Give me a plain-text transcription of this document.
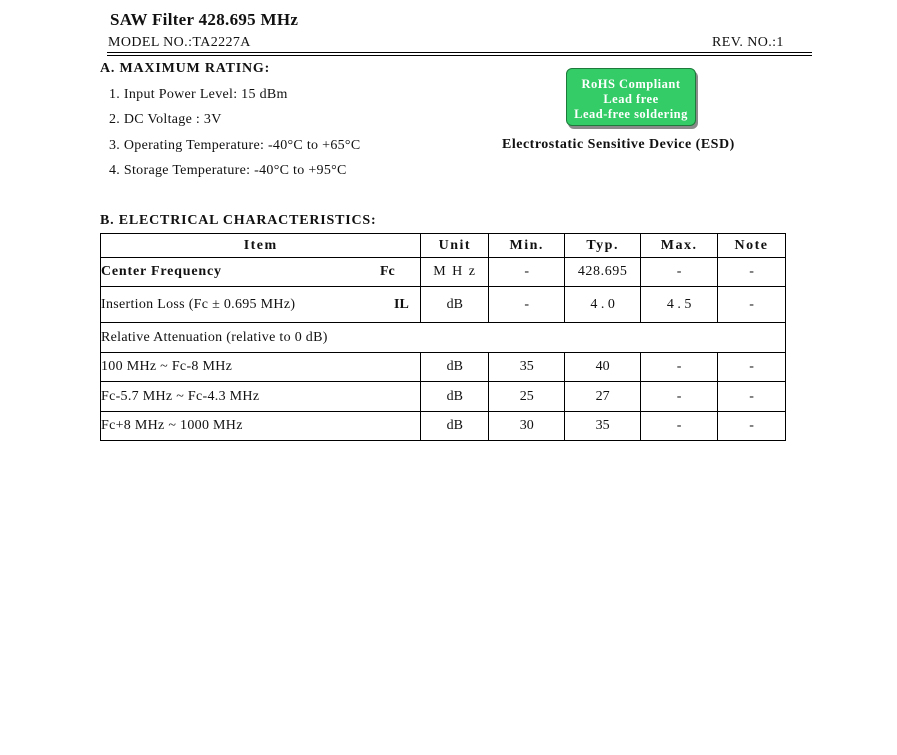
SAW Filter 428.695 MHz
MODEL NO.:TA2227A	REV. NO.:1
A. MAXIMUM RATING:
1. Input Power Level: 15 dBm
2. DC Voltage : 3V
3. Operating Temperature: -40°C to +65°C
4. Storage Temperature: -40°C to +95°C
RoHS Compliant
Lead free
Lead-free soldering
Electrostatic Sensitive Device (ESD)
B. ELECTRICAL CHARACTERISTICS:
Item	Unit	Min.	Typ.	Max.	Note

Center Frequency Fc	M H z	-	428.695	-	-

Insertion Loss (Fc ± 0.695 MHz) IL	dB	-	4 . 0	4 . 5	-

Relative Attenuation (relative to 0 dB)					

100 MHz ~ Fc-8 MHz	dB	35	40	-	-

Fc-5.7 MHz ~ Fc-4.3 MHz	dB	25	27	-	-

Fc+8 MHz ~ 1000 MHz	dB	30	35	-	-
